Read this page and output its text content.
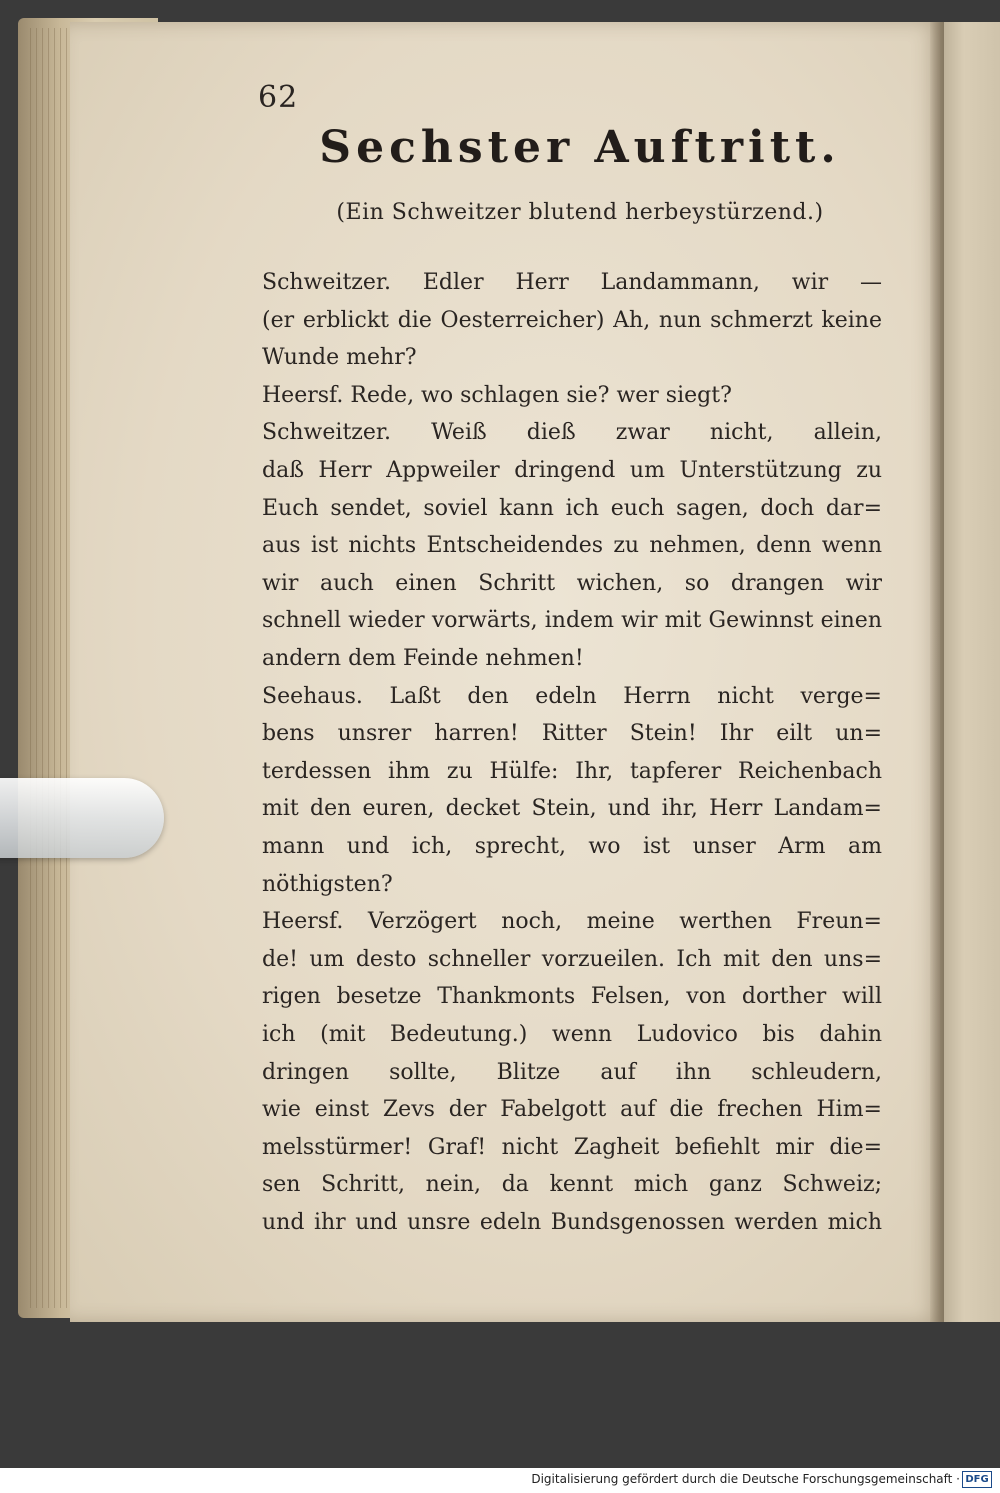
62
Sechster Auftritt.
(Ein Schweitzer blutend herbeystürzend.)
Schweitzer. Edler Herr Landammann, wir —
(er erblickt die Oesterreicher) Ah, nun schmerzt keine
Wunde mehr?
Heersf. Rede, wo schlagen sie? wer siegt?
Schweitzer. Weiß dieß zwar nicht, allein,
daß Herr Appweiler dringend um Unterstützung zu
Euch sendet, soviel kann ich euch sagen, doch dar=
aus ist nichts Entscheidendes zu nehmen, denn wenn
wir auch einen Schritt wichen, so drangen wir
schnell wieder vorwärts, indem wir mit Gewinnst einen
andern dem Feinde nehmen!
Seehaus. Laßt den edeln Herrn nicht verge=
bens unsrer harren! Ritter Stein! Ihr eilt un=
terdessen ihm zu Hülfe: Ihr, tapferer Reichenbach
mit den euren, decket Stein, und ihr, Herr Landam=
mann und ich, sprecht, wo ist unser Arm am
nöthigsten?
Heersf. Verzögert noch, meine werthen Freun=
de! um desto schneller vorzueilen. Ich mit den uns=
rigen besetze Thankmonts Felsen, von dorther will
ich (mit Bedeutung.) wenn Ludovico bis dahin
dringen sollte, Blitze auf ihn schleudern,
wie einst Zevs der Fabelgott auf die frechen Him=
melsstürmer! Graf! nicht Zagheit befiehlt mir die=
sen Schritt, nein, da kennt mich ganz Schweiz;
und ihr und unsre edeln Bundsgenossen werden mich
Digitalisierung gefördert durch die Deutsche Forschungsgemeinschaft · DFG
